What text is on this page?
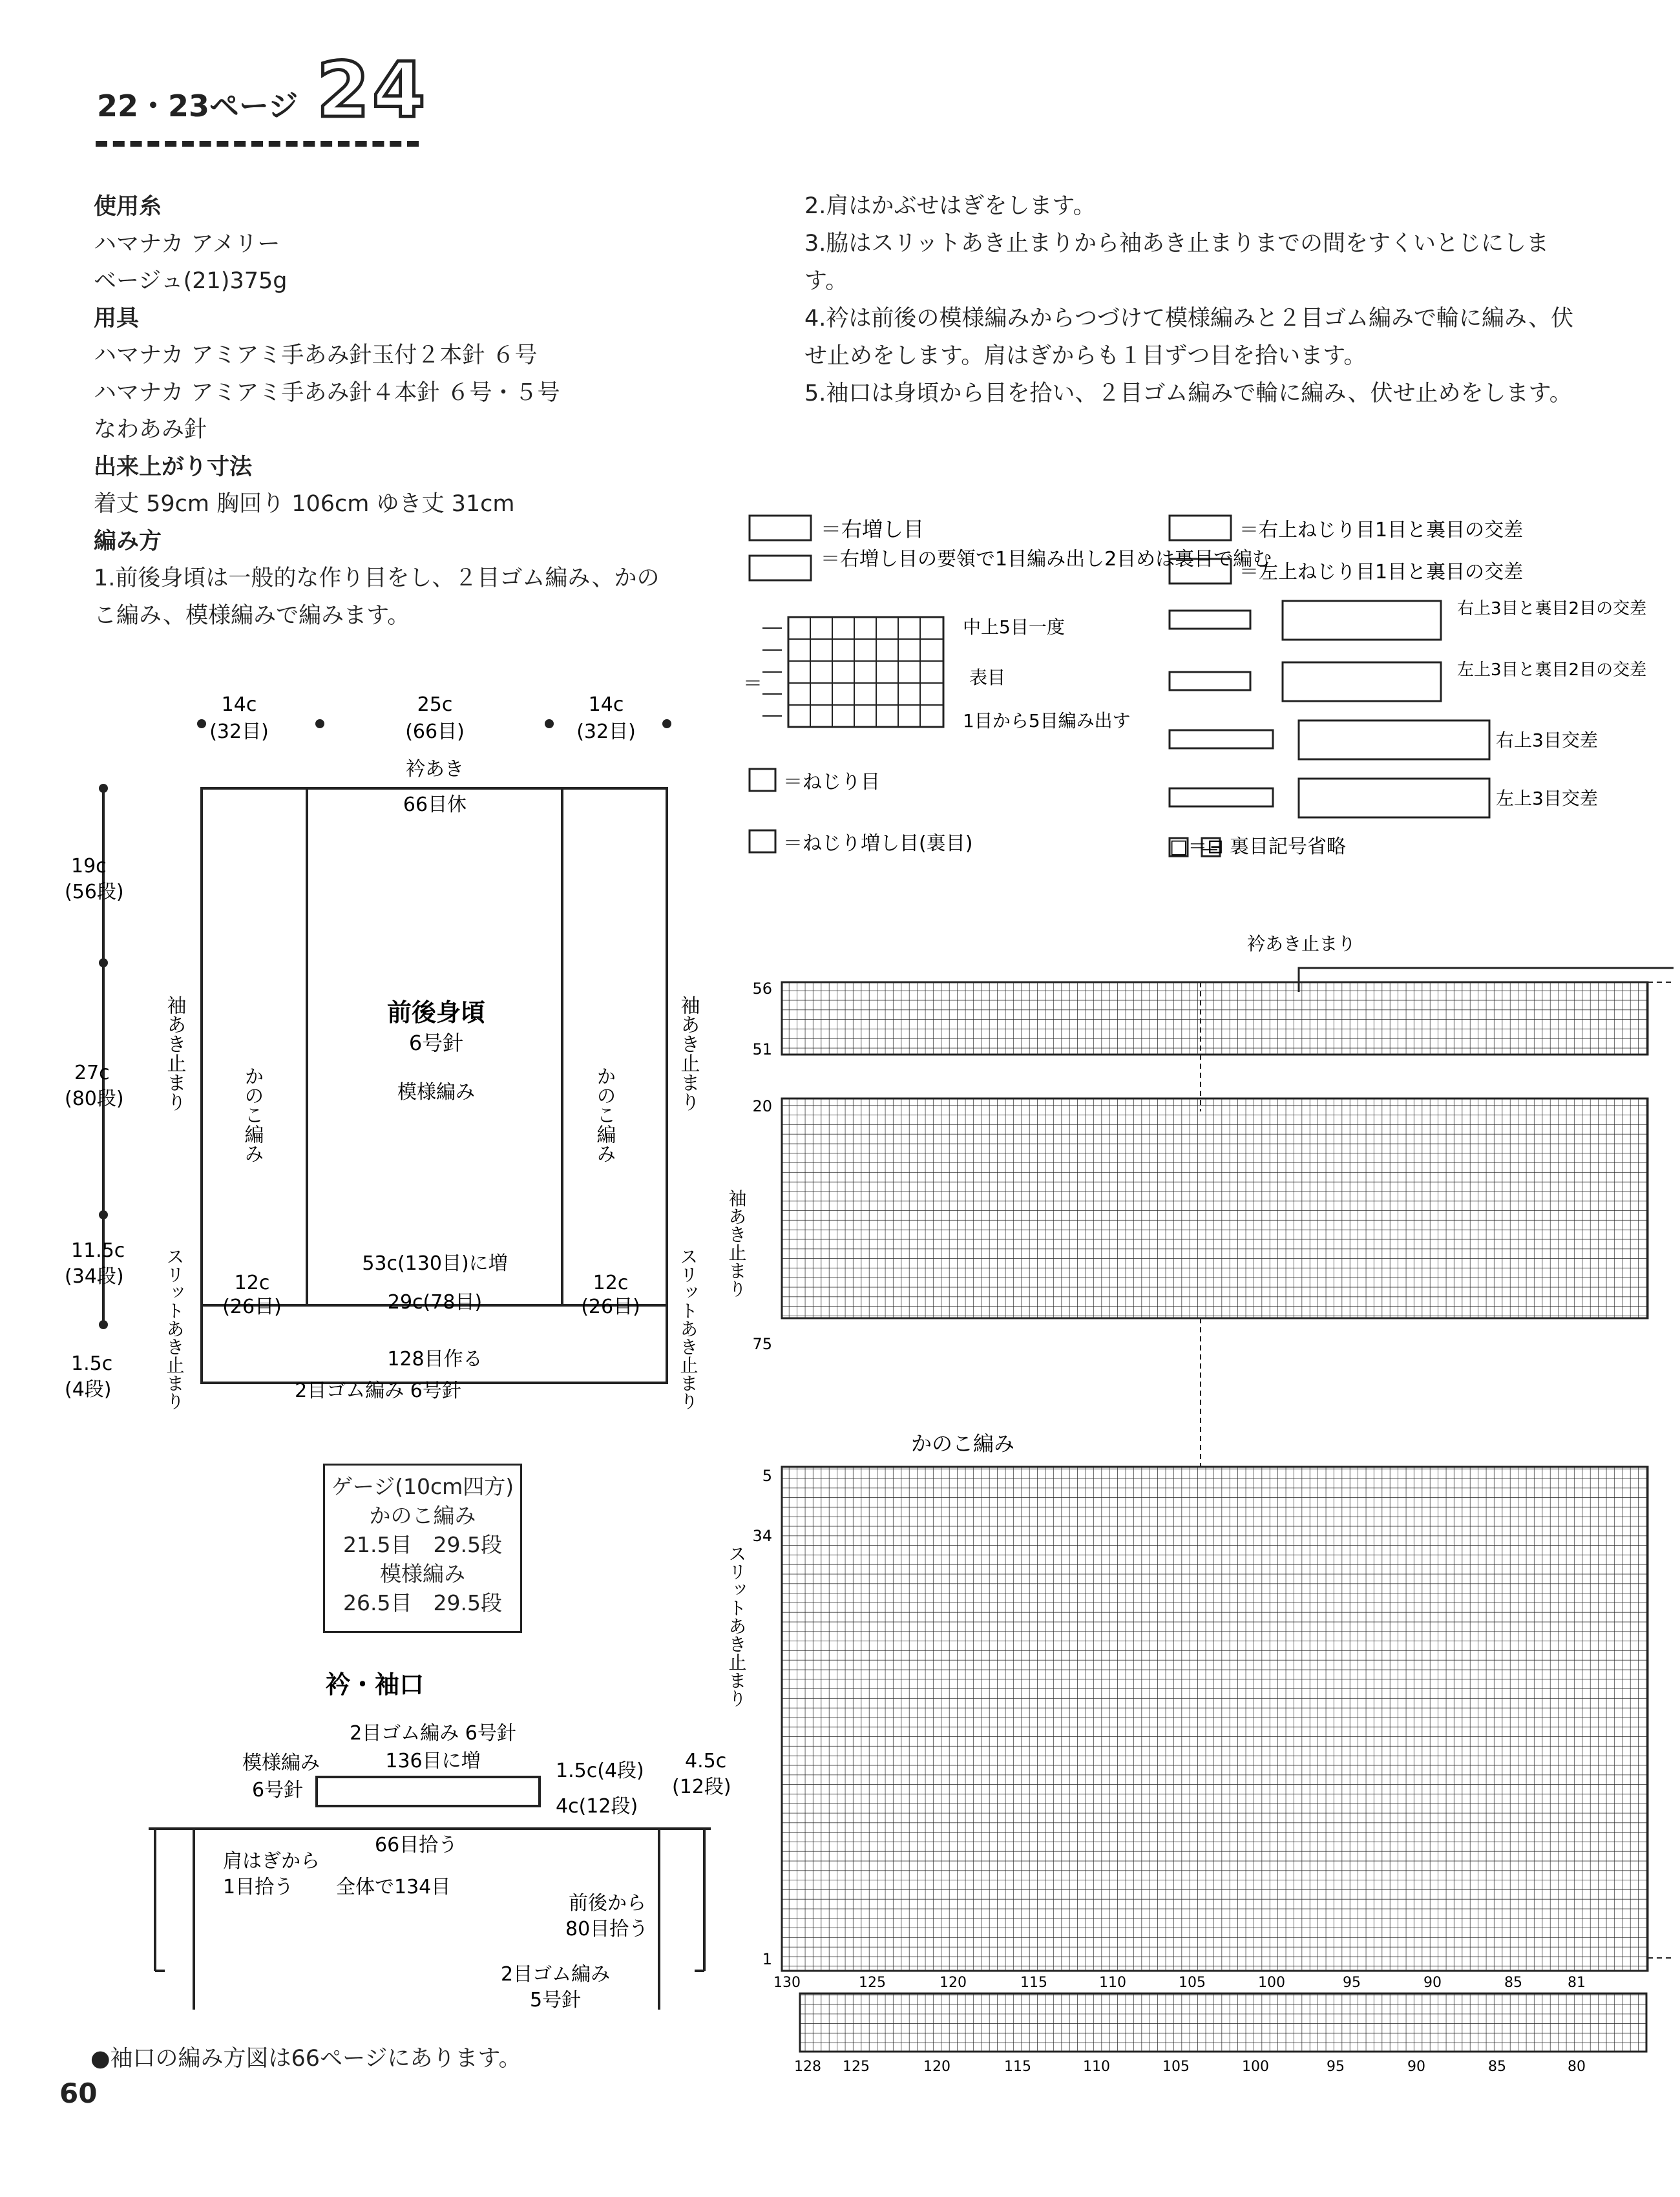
22・23ページ 24
使用糸
ハマナカ アメリー
ベージュ(21)375g
用具
ハマナカ アミアミ手あみ針玉付２本針 ６号
ハマナカ アミアミ手あみ針４本針 ６号・５号
なわあみ針
出来上がり寸法
着丈 59cm 胸回り 106cm ゆき丈 31cm
編み方
1.前後身頃は一般的な作り目をし、２目ゴム編み、かのこ編み、模様編みで編みます。
2.肩はかぶせはぎをします。
3.脇はスリットあき止まりから袖あき止まりまでの間をすくいとじにします。
4.衿は前後の模様編みからつづけて模様編みと２目ゴム編みで輪に編み、伏せ止めをします。肩はぎからも１目ずつ目を拾います。
5.袖口は身頃から目を拾い、２目ゴム編みで輪に編み、伏せ止めをします。
＝
＝右増し目
＝右増し目の要領で1目編み出し2目めは裏目で編む
中上5目一度
表目
1目から5目編み出す
＝ねじり目
＝ねじり増し目(裏目)
＝右上ねじり目1目と裏目の交差
＝左上ねじり目1目と裏目の交差
右上3目と裏目2目の交差
左上3目と裏目2目の交差
右上3目交差
左上3目交差
□＝⊟ 裏目記号省略
14c
(32目)
25c
(66目)
14c
(32目)
衿あき
66目休
19c
(56段)
27c
(80段)
11.5c
(34段)
1.5c
(4段)
前後身頃
6号針
模様編み
かのこ編み	かのこ編み
袖あき止まり	袖あき止まり
スリットあき止まり	スリットあき止まり
53c(130目)に増
12c
(26目)	29c(78目)
12c
(26目)
128目作る
2目ゴム編み 6号針
ゲージ(10cm四方)
かのこ編み
21.5目　29.5段
模様編み
26.5目　29.5段
衿・袖口
2目ゴム編み 6号針
136目に増	1.5c(4段)
4c(12段)
模様編み
6号針
66目拾う
肩はぎから
1目拾う 全体で134目
4.5c
(12段)
前後から
80目拾う
2目ゴム編み
5号針
衿あき止まり
かのこ編み
袖あき止まり
スリットあき止まり
56
51
20
75
5
34
1
130	125	120	115	110	105	100	95	90	85	81
128 125	120	115	110	105	100	95	90	85	80
●袖口の編み方図は66ページにあります。
60
